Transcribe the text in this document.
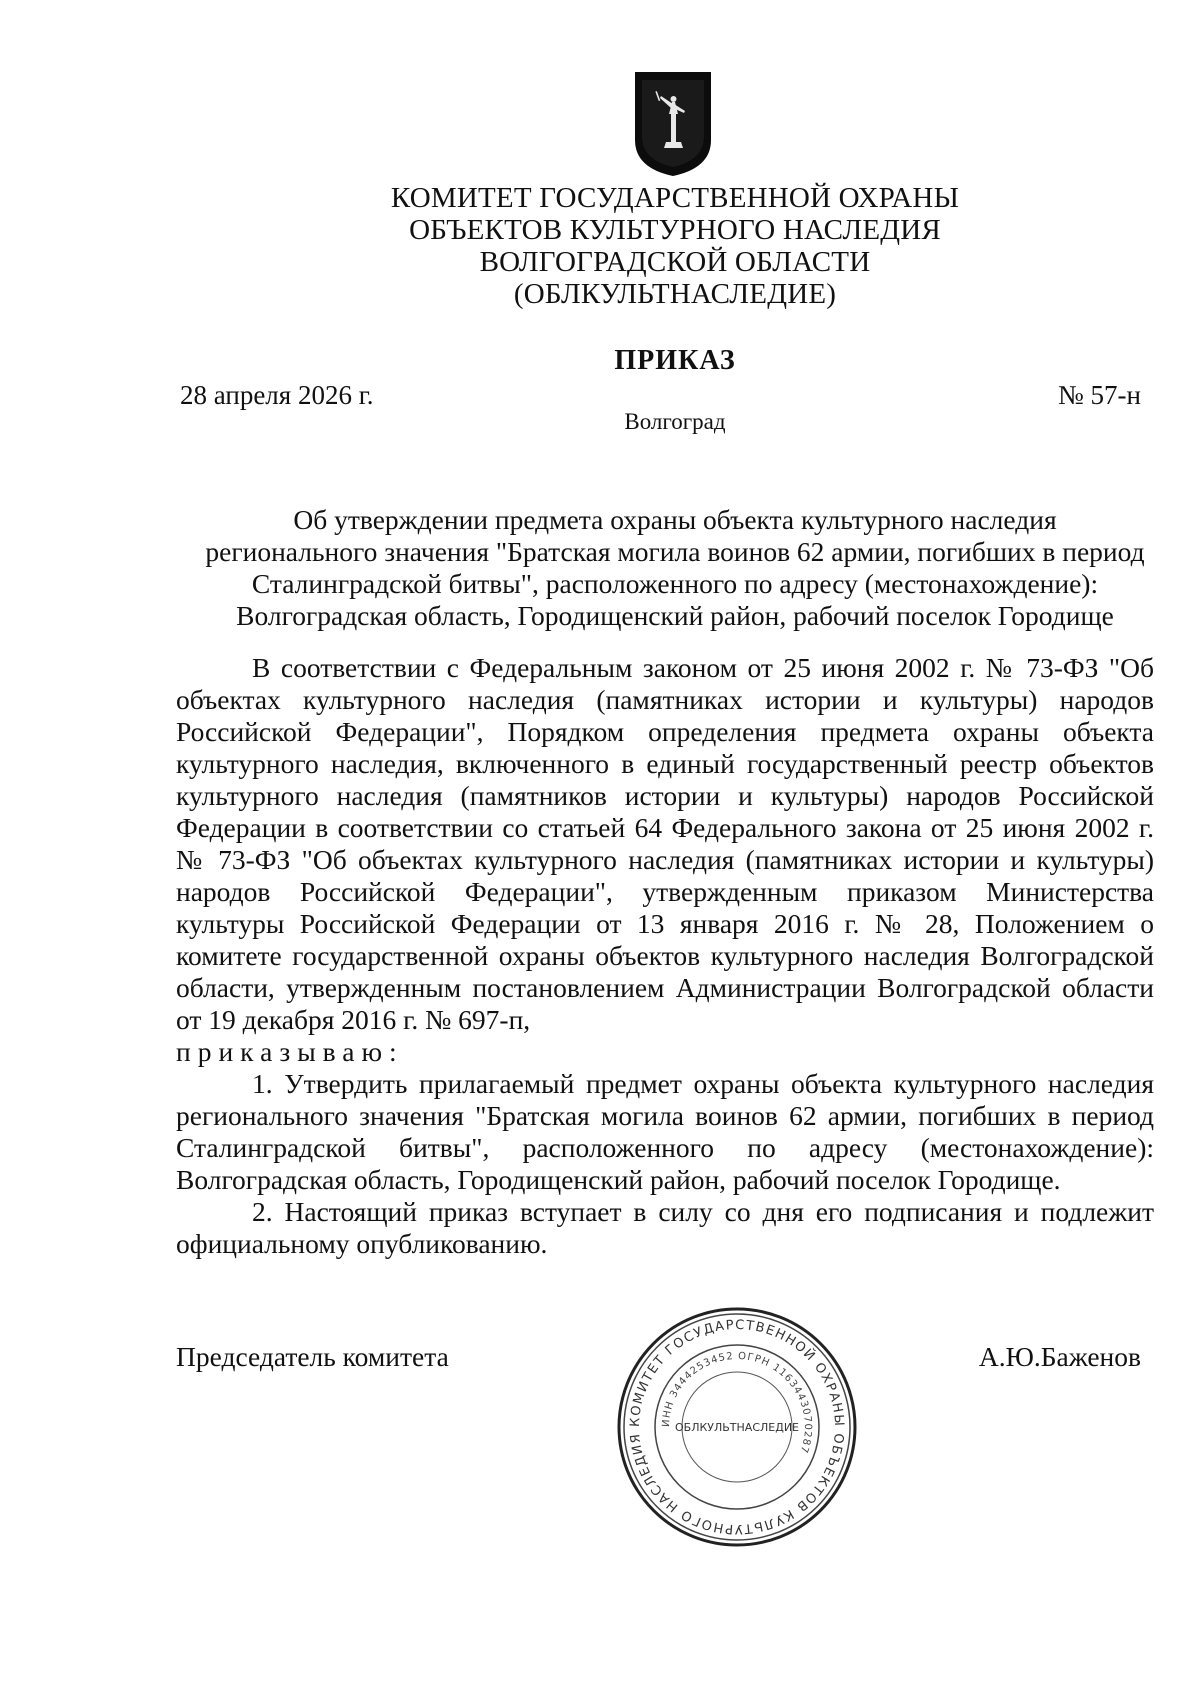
КОМИТЕТ ГОСУДАРСТВЕННОЙ ОХРАНЫ
ОБЪЕКТОВ КУЛЬТУРНОГО НАСЛЕДИЯ
ВОЛГОГРАДСКОЙ ОБЛАСТИ
(ОБЛКУЛЬТНАСЛЕДИЕ)
ПРИКАЗ
28 апреля 2026 г.	№ 57-н
Волгоград
Об утверждении предмета охраны объекта культурного наследия
регионального значения "Братская могила воинов 62 армии, погибших в период
Сталинградской битвы", расположенного по адресу (местонахождение):
Волгоградская область, Городищенский район, рабочий поселок Городище

В соответствии с Федеральным законом от 25 июня 2002 г. № 73-ФЗ "Об объектах культурного наследия (памятниках истории и культуры) народов Российской Федерации", Порядком определения предмета охраны объекта культурного наследия, включенного в единый государственный реестр объектов культурного наследия (памятников истории и культуры) народов Российской Федерации в соответствии со статьей 64 Федерального закона от 25 июня 2002 г. № 73-ФЗ "Об объектах культурного наследия (памятниках истории и культуры) народов Российской Федерации", утвержденным приказом Министерства культуры Российской Федерации от 13 января 2016 г. № 28, Положением о комитете государственной охраны объектов культурного наследия Волгоградской области, утвержденным постановлением Администрации Волгоградской области от 19 декабря 2016 г. № 697-п,

приказываю:

1. Утвердить прилагаемый предмет охраны объекта культурного наследия регионального значения "Братская могила воинов 62 армии, погибших в период Сталинградской битвы", расположенного по адресу (местонахождение): Волгоградская область, Городищенский район, рабочий поселок Городище.

2. Настоящий приказ вступает в силу со дня его подписания и подлежит официальному опубликованию.

Председатель комитета	А.Ю.Баженов
КОМИТЕТ ГОСУДАРСТВЕННОЙ ОХРАНЫ ОБЪЕКТОВ КУЛЬТУРНОГО НАСЛЕДИЯ
ИНН 3444253452 ОГРН 1163443070287
ОБЛКУЛЬТНАСЛЕДИЕ
